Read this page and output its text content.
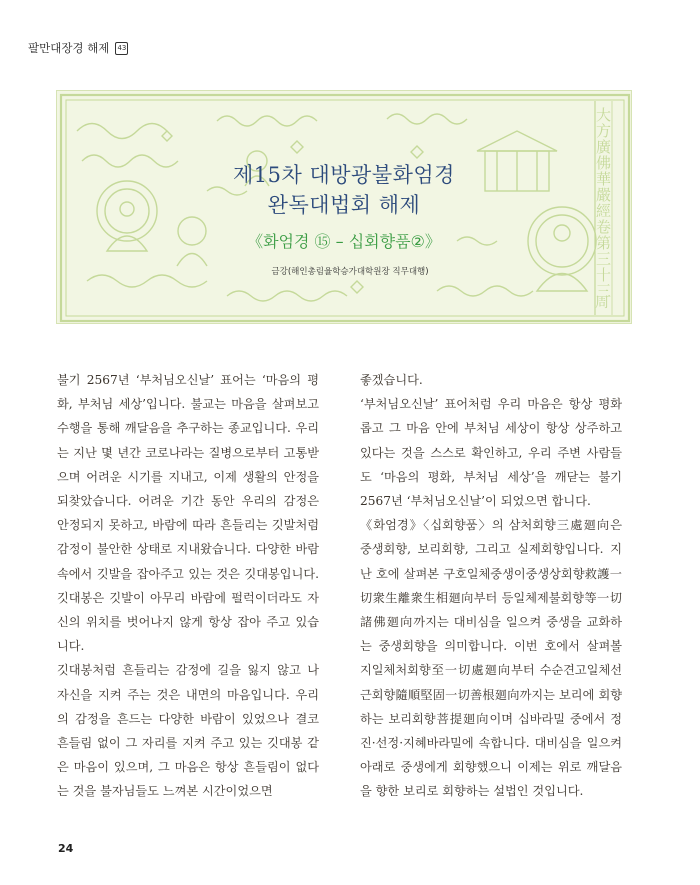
팔만대장경 해제 43
大方廣佛華嚴經卷第三十三
周
제15차 대방광불화엄경
완독대법회 해제
《화엄경 ⑮ – 십회향품②》
금강(해인총림율학승가대학원장 직무대행)

불기 2567년 ‘부처님오신날’ 표어는 ‘마음의 평화, 부처님 세상’입니다. 불교는 마음을 살펴보고 수행을 통해 깨달음을 추구하는 종교입니다. 우리는 지난 몇 년간 코로나라는 질병으로부터 고통받으며 어려운 시기를 지내고, 이제 생활의 안정을 되찾았습니다. 어려운 기간 동안 우리의 감정은 안정되지 못하고, 바람에 따라 흔들리는 깃발처럼 감정이 불안한 상태로 지내왔습니다. 다양한 바람 속에서 깃발을 잡아주고 있는 것은 깃대봉입니다. 깃대봉은 깃발이 아무리 바람에 펄럭이더라도 자신의 위치를 벗어나지 않게 항상 잡아 주고 있습니다.

깃대봉처럼 흔들리는 감정에 길을 잃지 않고 나 자신을 지켜 주는 것은 내면의 마음입니다. 우리의 감정을 흔드는 다양한 바람이 있었으나 결코 흔들림 없이 그 자리를 지켜 주고 있는 깃대봉 같은 마음이 있으며, 그 마음은 항상 흔들림이 없다는 것을 불자님들도 느껴본 시간이었으면

좋겠습니다.

‘부처님오신날’ 표어처럼 우리 마음은 항상 평화롭고 그 마음 안에 부처님 세상이 항상 상주하고 있다는 것을 스스로 확인하고, 우리 주변 사람들도 ‘마음의 평화, 부처님 세상’을 깨닫는 불기 2567년 ‘부처님오신날’이 되었으면 합니다.

《화엄경》〈십회향품〉의 삼처회향三處廻向은 중생회향, 보리회향, 그리고 실제회향입니다. 지난 호에 살펴본 구호일체중생이중생상회향救護一切衆生離衆生相廻向부터 등일체제불회향等一切諸佛廻向까지는 대비심을 일으켜 중생을 교화하는 중생회향을 의미합니다. 이번 호에서 살펴볼 지일체처회향至一切處廻向부터 수순견고일체선근회향隨順堅固一切善根廻向까지는 보리에 회향하는 보리회향菩提廻向이며 십바라밀 중에서 정진·선정·지혜바라밀에 속합니다. 대비심을 일으켜 아래로 중생에게 회향했으니 이제는 위로 깨달음을 향한 보리로 회향하는 설법인 것입니다.

24
